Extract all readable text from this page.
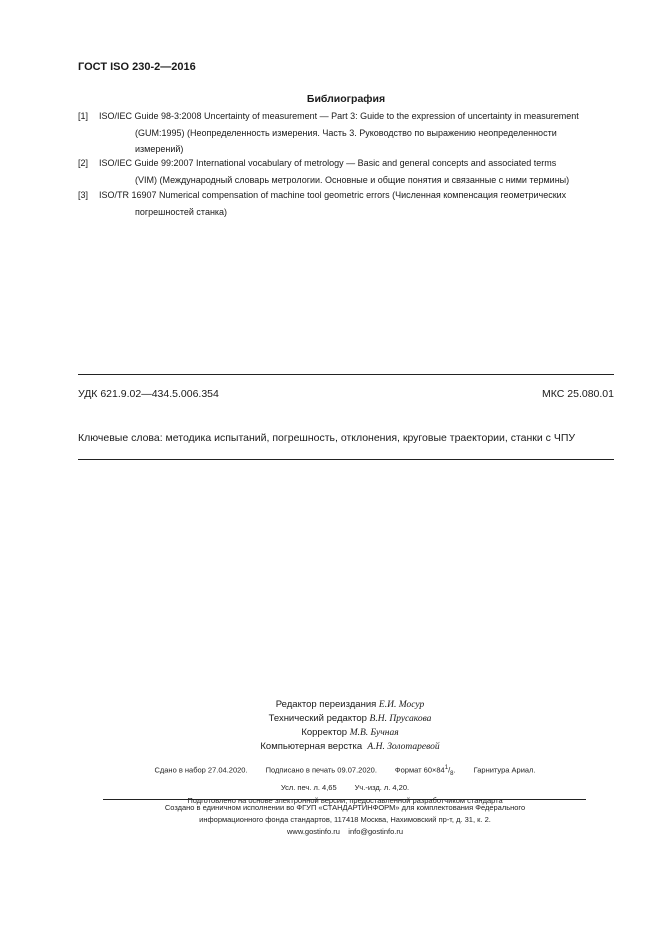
ГОСТ ISO 230-2—2016
Библиография
[1] ISO/IEC Guide 98-3:2008 Uncertainty of measurement — Part 3: Guide to the expression of uncertainty in measurement
(GUM:1995) (Неопределенность измерения. Часть 3. Руководство по выражению неопределенности
измерений)
[2] ISO/IEC Guide 99:2007 International vocabulary of metrology — Basic and general concepts and associated terms
(VIM) (Международный словарь метрологии. Основные и общие понятия и связанные с ними термины)
[3] ISO/TR 16907 Numerical compensation of machine tool geometric errors (Численная компенсация геометрических
погрешностей станка)
УДК 621.9.02—434.5.006.354	МКС 25.080.01
Ключевые слова: методика испытаний, погрешность, отклонения, круговые траектории, станки с ЧПУ
Редактор переиздания Е.И. Мосур
Технический редактор В.Н. Прусакова
Корректор М.В. Бучная
Компьютерная верстка А.Н. Золотаревой
Сдано в набор 27.04.2020. Подписано в печать 09.07.2020. Формат $60\times 84^1/_8$. Гарнитура Ариал.
Усл. печ. л. 4,65 Уч.-изд. л. 4,20.
Подготовлено на основе электронной версии, предоставленной разработчиком стандарта
Создано в единичном исполнении во ФГУП «СТАНДАРТИНФОРМ» для комплектования Федерального
информационного фонда стандартов, 117418 Москва, Нахимовский пр-т, д. 31, к. 2.
www.gostinfo.ru info@gostinfo.ru
